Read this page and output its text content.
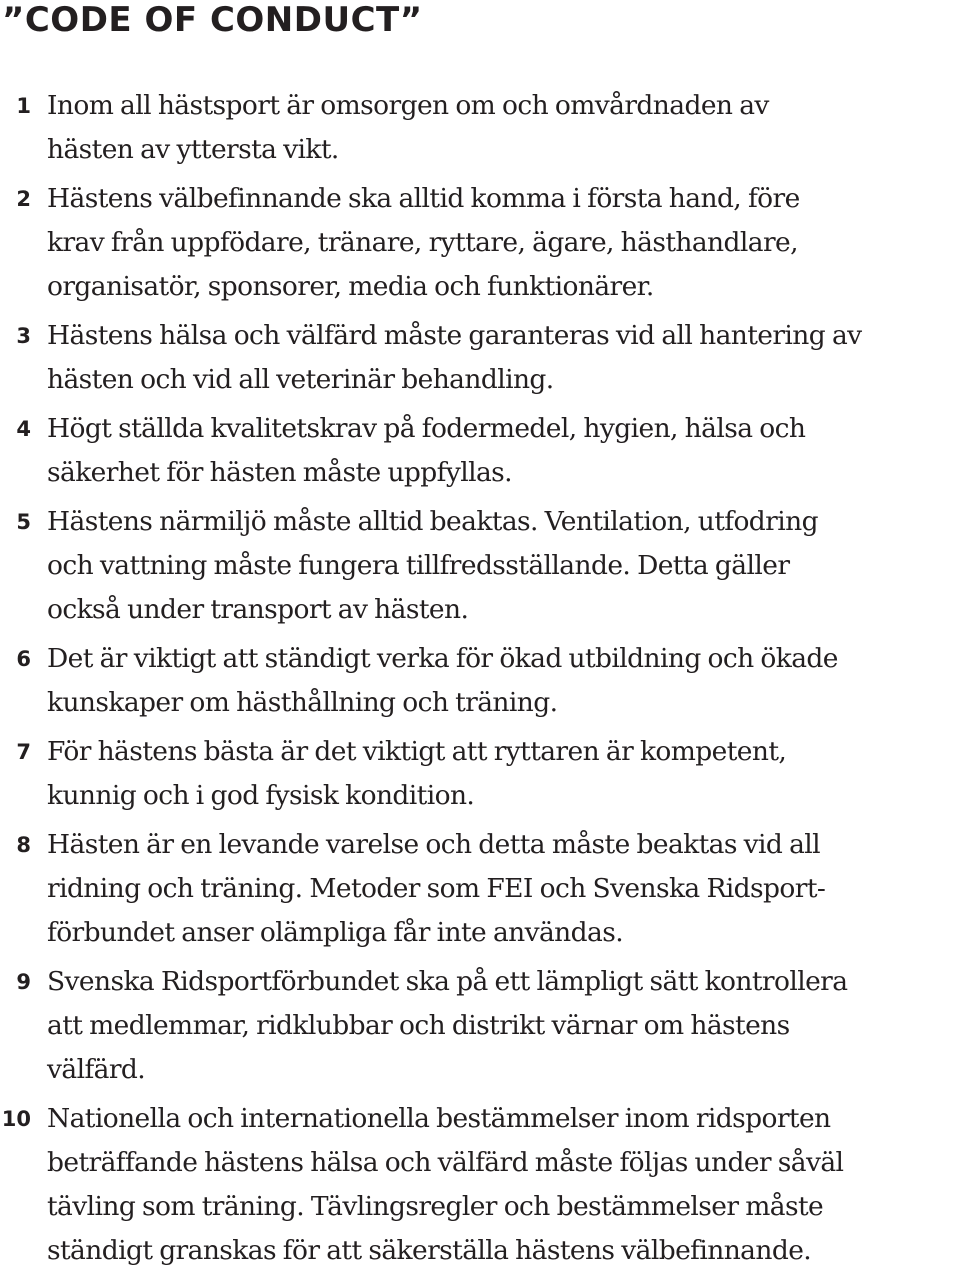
”CODE OF CONDUCT”
1 Inom all hästsport är omsorgen om och omvårdnaden av
hästen av yttersta vikt.
2 Hästens välbefinnande ska alltid komma i första hand, före
krav från uppfödare, tränare, ryttare, ägare, hästhandlare,
organisatör, sponsorer, media och funktionärer.
3 Hästens hälsa och välfärd måste garanteras vid all hantering av
hästen och vid all veterinär behandling.
4 Högt ställda kvalitetskrav på fodermedel, hygien, hälsa och
säkerhet för hästen måste uppfyllas.
5 Hästens närmiljö måste alltid beaktas. Ventilation, utfodring
och vattning måste fungera tillfredsställande. Detta gäller
också under transport av hästen.
6 Det är viktigt att ständigt verka för ökad utbildning och ökade
kunskaper om hästhållning och träning.
7 För hästens bästa är det viktigt att ryttaren är kompetent,
kunnig och i god fysisk kondition.
8 Hästen är en levande varelse och detta måste beaktas vid all
ridning och träning. Metoder som FEI och Svenska Ridsport-
förbundet anser olämpliga får inte användas.
9 Svenska Ridsportförbundet ska på ett lämpligt sätt kontrollera
att medlemmar, ridklubbar och distrikt värnar om hästens
välfärd.
10 Nationella och internationella bestämmelser inom ridsporten
beträffande hästens hälsa och välfärd måste följas under såväl
tävling som träning. Tävlingsregler och bestämmelser måste
ständigt granskas för att säkerställa hästens välbefinnande.
